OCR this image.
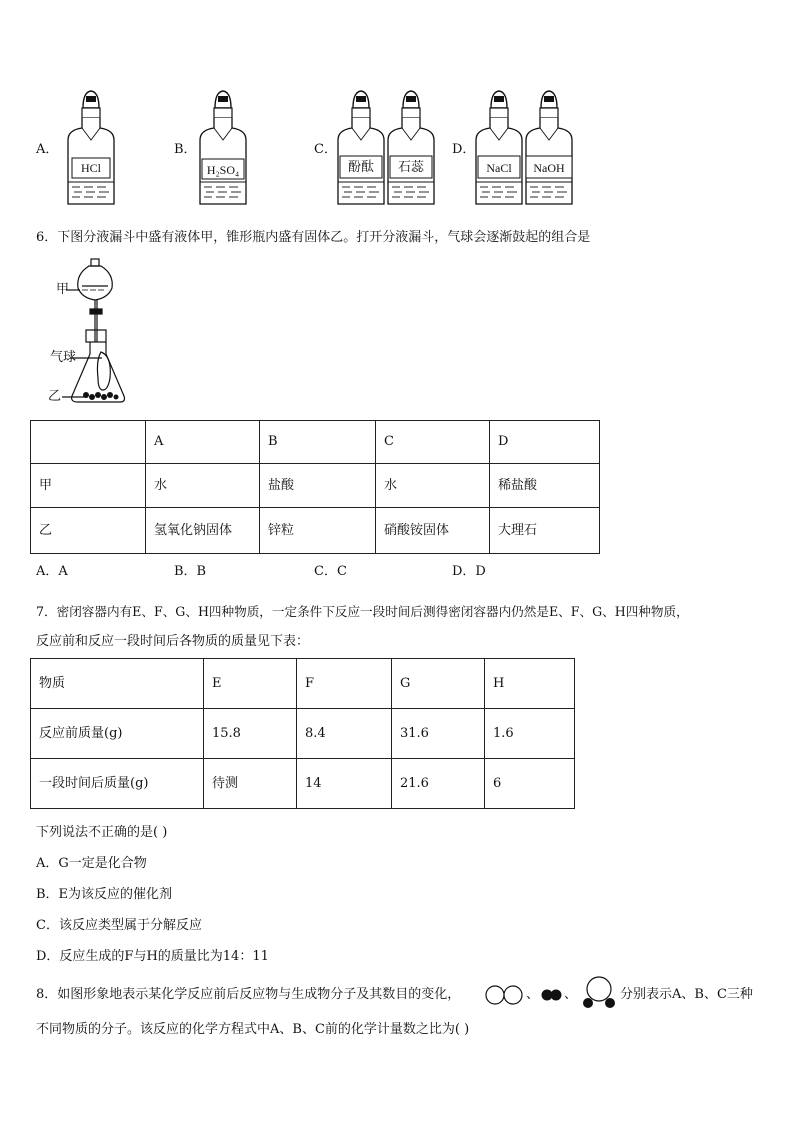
A．
HCl
B．
H₂SO₄
C．
酚酞	石蕊
D．
NaCl	NaOH
6．下图分液漏斗中盛有液体甲，锥形瓶内盛有固体乙。打开分液漏斗，气球会逐渐鼓起的组合是
甲
气球
乙
	A	B	C	D
甲	水	盐酸	水	稀盐酸
乙	氢氧化钠固体	锌粒	硝酸铵固体	大理石
A．A	B．B	C．C	D．D
7．密闭容器内有E、F、G、H四种物质，一定条件下反应一段时间后测得密闭容器内仍然是E、F、G、H四种物质，
反应前和反应一段时间后各物质的质量见下表：
物质	E	F	G	H
反应前质量(g)	15.8	8.4	31.6	1.6
一段时间后质量(g)	待测	14	21.6	6
下列说法不正确的是( )
A．G一定是化合物
B．E为该反应的催化剂
C．该反应类型属于分解反应
D．反应生成的F与H的质量比为14：11
8．如图形象地表示某化学反应前后反应物与生成物分子及其数目的变化，	、 、	分别表示A、B、C三种
不同物质的分子。该反应的化学方程式中A、B、C前的化学计量数之比为( )
